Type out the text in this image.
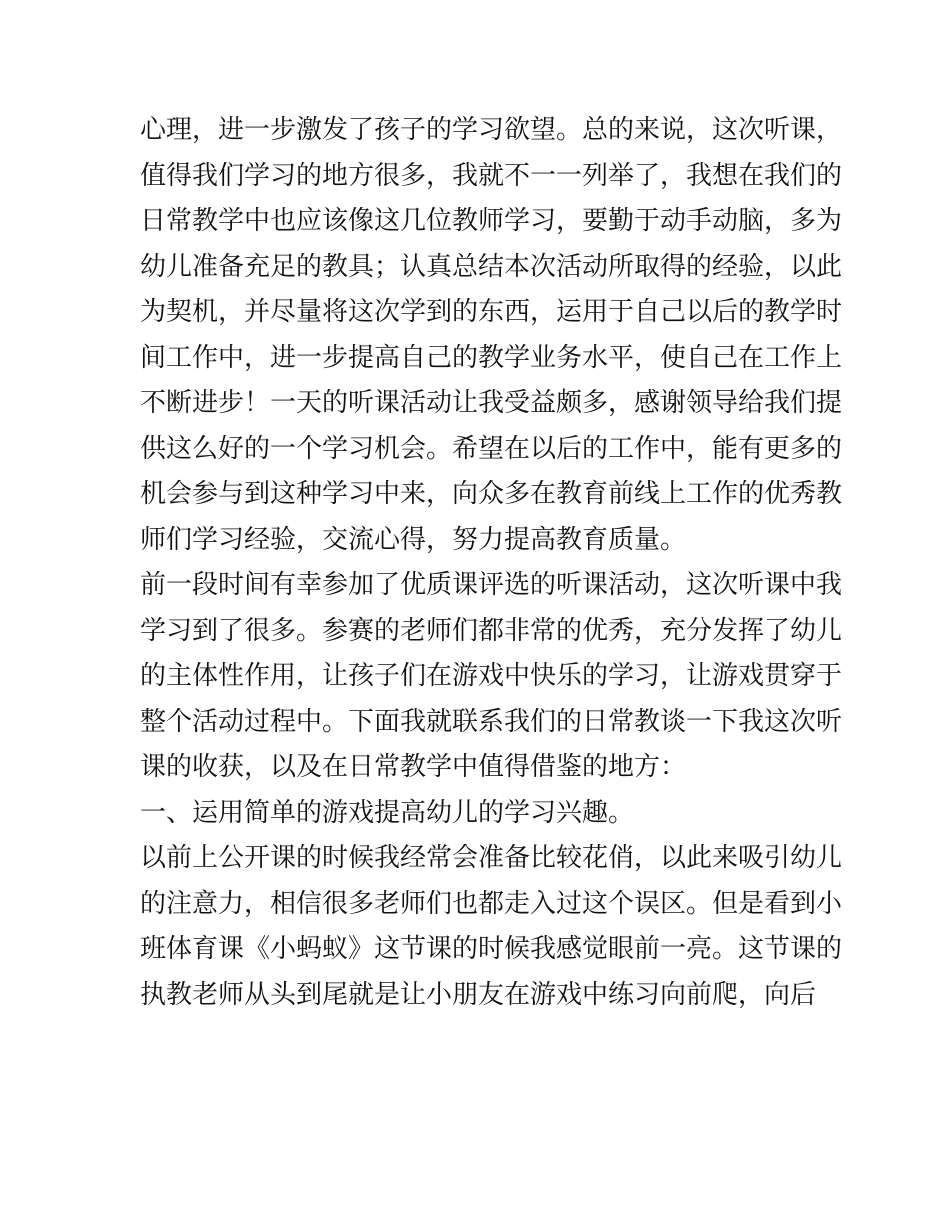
心理，进一步激发了孩子的学习欲望。总的来说，这次听课，
值得我们学习的地方很多，我就不一一列举了，我想在我们的
日常教学中也应该像这几位教师学习，要勤于动手动脑，多为
幼儿准备充足的教具；认真总结本次活动所取得的经验，以此
为契机，并尽量将这次学到的东西，运用于自己以后的教学时
间工作中，进一步提高自己的教学业务水平，使自己在工作上
不断进步！一天的听课活动让我受益颇多，感谢领导给我们提
供这么好的一个学习机会。希望在以后的工作中，能有更多的
机会参与到这种学习中来，向众多在教育前线上工作的优秀教
师们学习经验，交流心得，努力提高教育质量。
前一段时间有幸参加了优质课评选的听课活动，这次听课中我
学习到了很多。参赛的老师们都非常的优秀，充分发挥了幼儿
的主体性作用，让孩子们在游戏中快乐的学习，让游戏贯穿于
整个活动过程中。下面我就联系我们的日常教谈一下我这次听
课的收获，以及在日常教学中值得借鉴的地方：
一、运用简单的游戏提高幼儿的学习兴趣。
以前上公开课的时候我经常会准备比较花俏，以此来吸引幼儿
的注意力，相信很多老师们也都走入过这个误区。但是看到小
班体育课《小蚂蚁》这节课的时候我感觉眼前一亮。这节课的
执教老师从头到尾就是让小朋友在游戏中练习向前爬，向后
